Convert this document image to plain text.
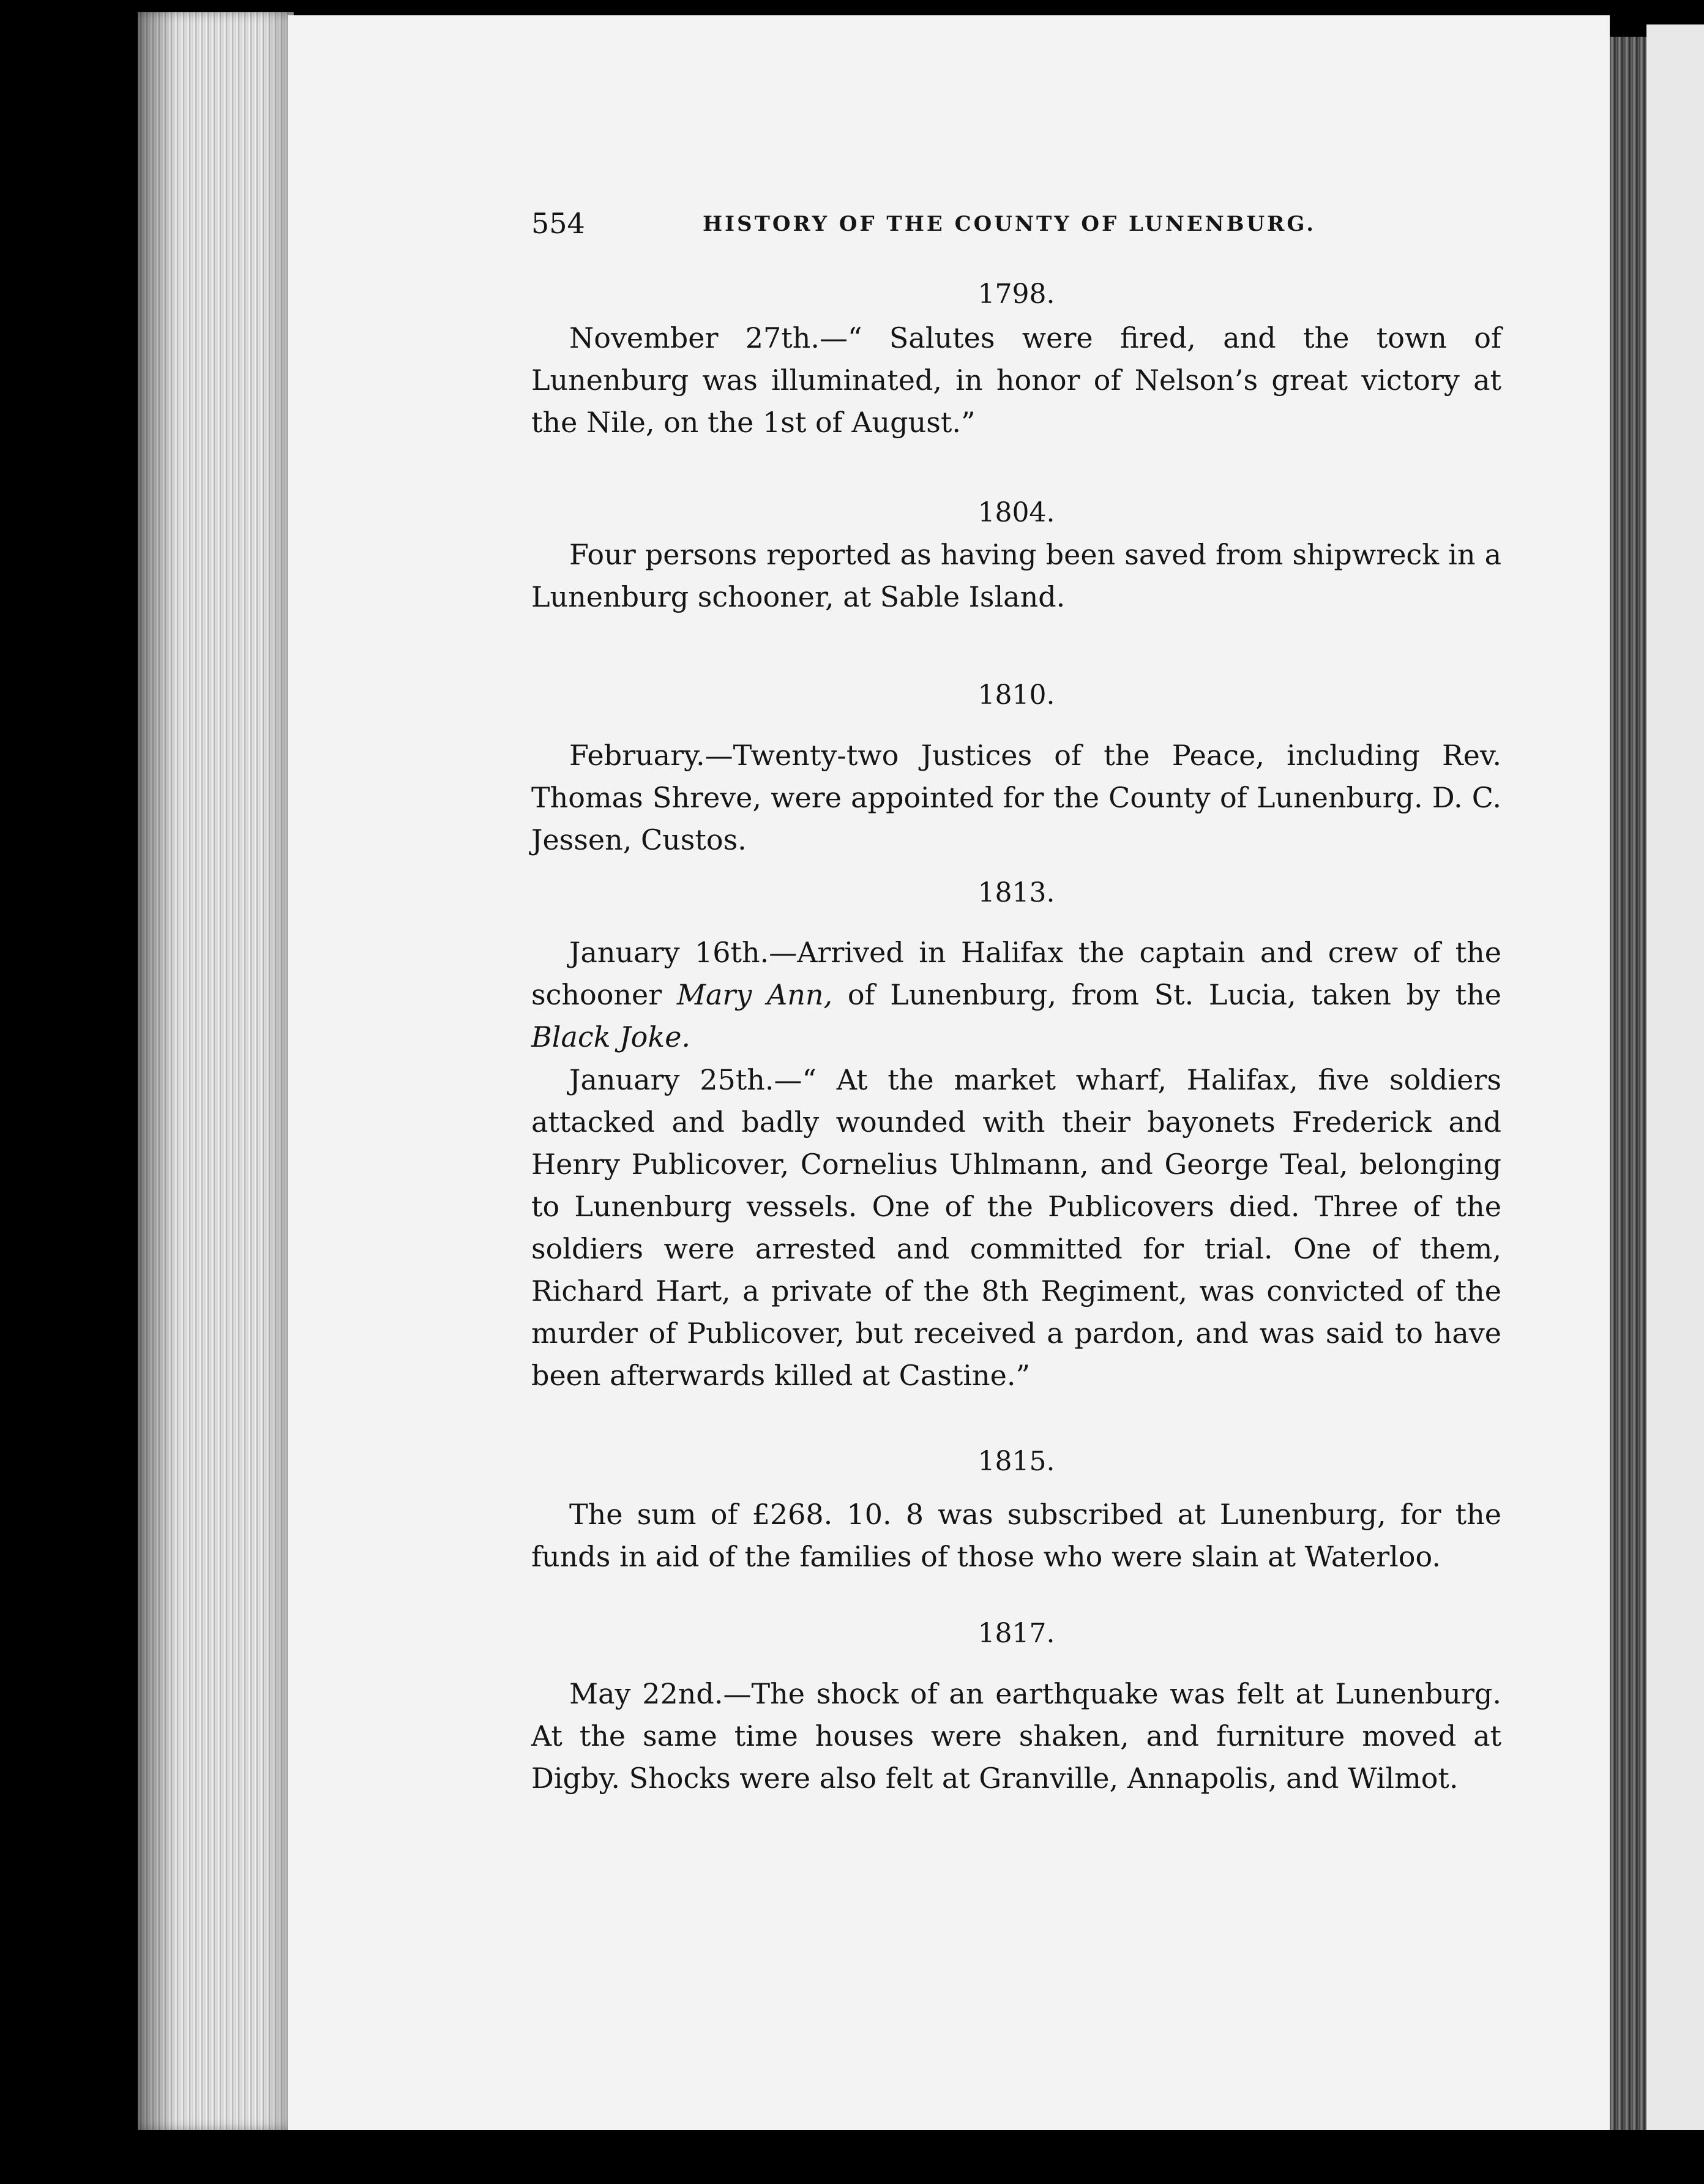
554	HISTORY OF THE COUNTY OF LUNENBURG.
1798.

November 27th.—“ Salutes were fired, and the town of Lunenburg was illuminated, in honor of Nelson’s great victory at the Nile, on the 1st of August.”

1804.

Four persons reported as having been saved from shipwreck in a Lunenburg schooner, at Sable Island.

1810.

February.—Twenty-two Justices of the Peace, including Rev. Thomas Shreve, were appointed for the County of Lunenburg. D. C. Jessen, Custos.

1813.

January 16th.—Arrived in Halifax the captain and crew of the schooner Mary Ann, of Lunenburg, from St. Lucia, taken by the Black Joke.

January 25th.—“ At the market wharf, Halifax, five soldiers attacked and badly wounded with their bayonets Frederick and Henry Publicover, Cornelius Uhlmann, and George Teal, belonging to Lunenburg vessels. One of the Publicovers died. Three of the soldiers were arrested and committed for trial. One of them, Richard Hart, a private of the 8th Regiment, was convicted of the murder of Publicover, but received a pardon, and was said to have been afterwards killed at Castine.”

1815.

The sum of £268. 10. 8 was subscribed at Lunenburg, for the funds in aid of the families of those who were slain at Waterloo.

1817.

May 22nd.—The shock of an earthquake was felt at Lunenburg. At the same time houses were shaken, and furniture moved at Digby. Shocks were also felt at Granville, Annapolis, and Wilmot.
